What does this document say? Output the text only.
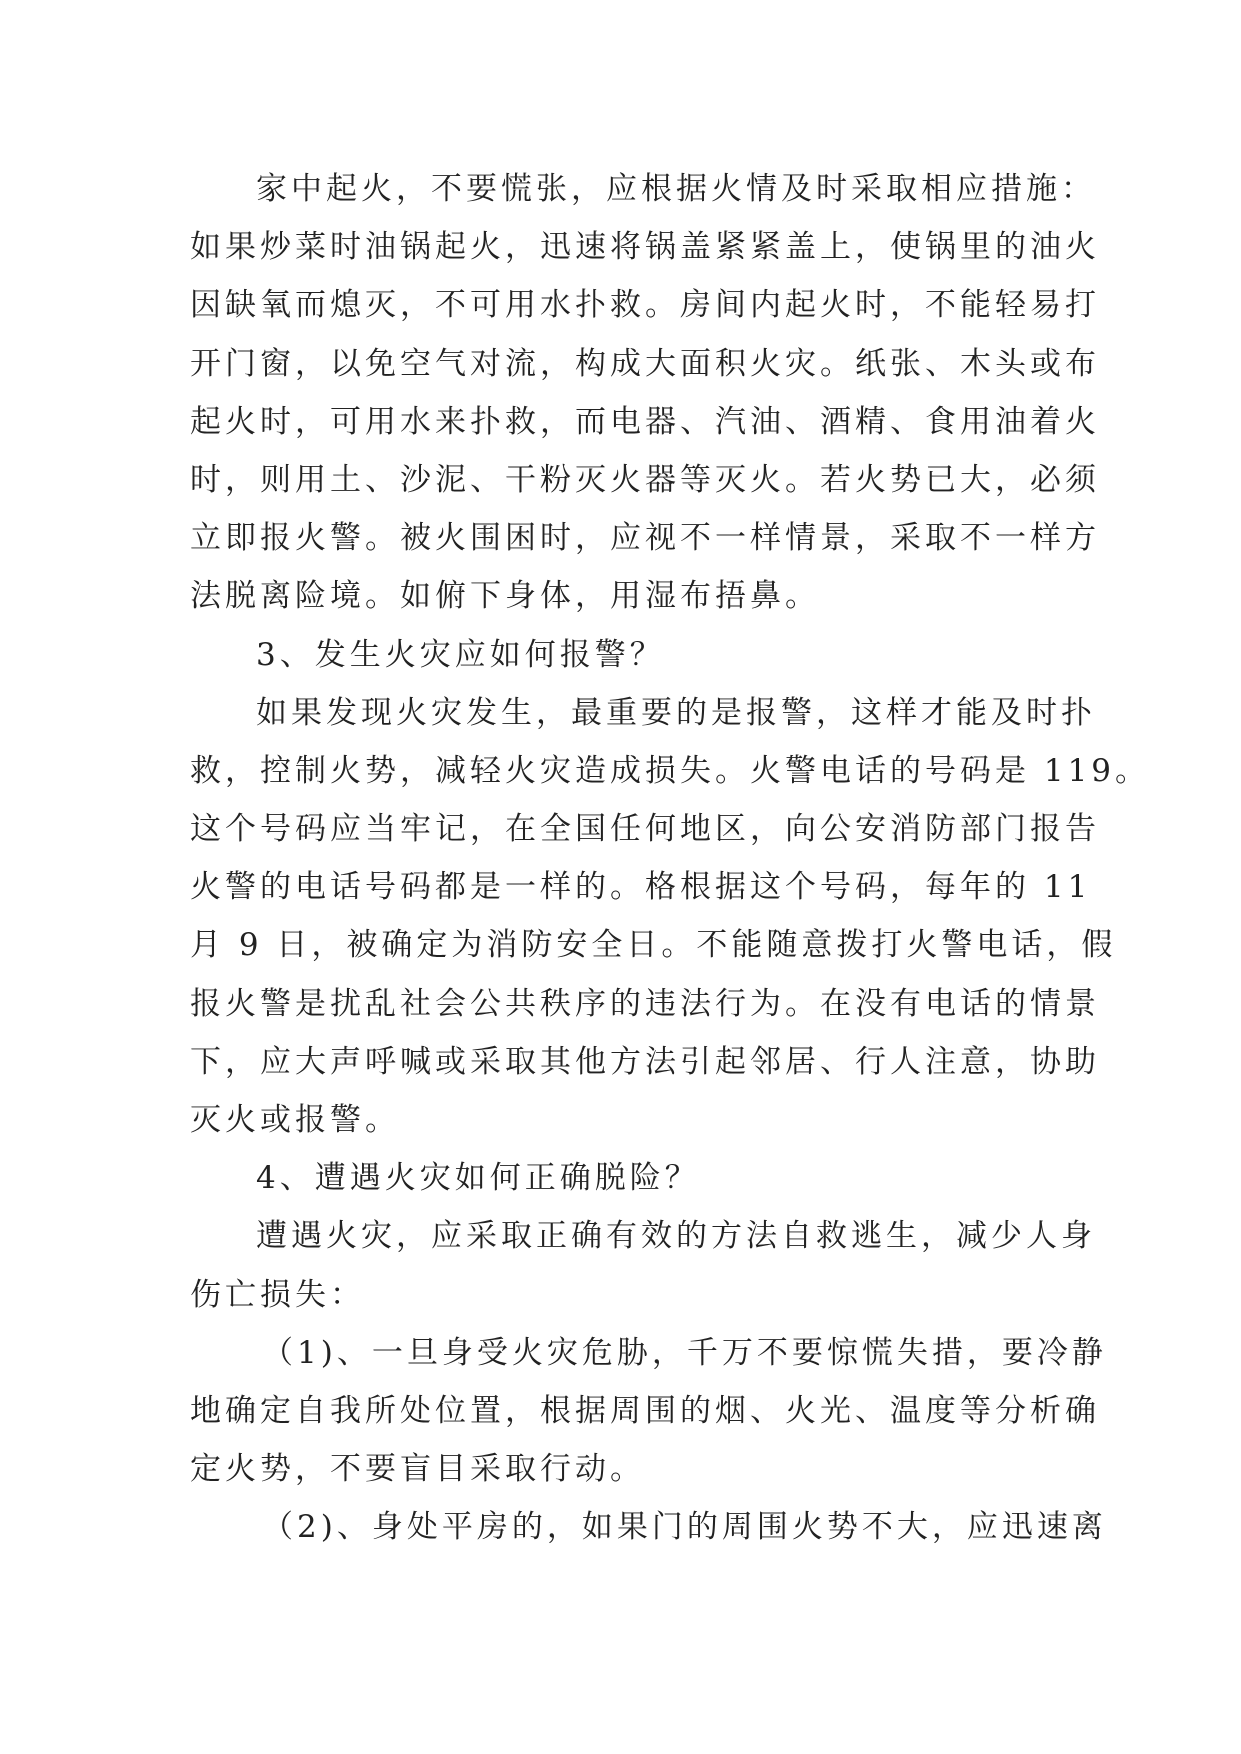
家中起火，不要慌张，应根据火情及时采取相应措施：
如果炒菜时油锅起火，迅速将锅盖紧紧盖上，使锅里的油火
因缺氧而熄灭，不可用水扑救。房间内起火时，不能轻易打
开门窗，以免空气对流，构成大面积火灾。纸张、木头或布
起火时，可用水来扑救，而电器、汽油、酒精、食用油着火
时，则用土、沙泥、干粉灭火器等灭火。若火势已大，必须
立即报火警。被火围困时，应视不一样情景，采取不一样方
法脱离险境。如俯下身体，用湿布捂鼻。
3、发生火灾应如何报警？
如果发现火灾发生，最重要的是报警，这样才能及时扑
救，控制火势，减轻火灾造成损失。火警电话的号码是 119。
这个号码应当牢记，在全国任何地区，向公安消防部门报告
火警的电话号码都是一样的。格根据这个号码，每年的 11
月 9 日，被确定为消防安全日。不能随意拨打火警电话，假
报火警是扰乱社会公共秩序的违法行为。在没有电话的情景
下，应大声呼喊或采取其他方法引起邻居、行人注意，协助
灭火或报警。
4、遭遇火灾如何正确脱险？
遭遇火灾，应采取正确有效的方法自救逃生，减少人身
伤亡损失：
（1)、一旦身受火灾危胁，千万不要惊慌失措，要冷静
地确定自我所处位置，根据周围的烟、火光、温度等分析确
定火势，不要盲目采取行动。
（2)、身处平房的，如果门的周围火势不大，应迅速离
